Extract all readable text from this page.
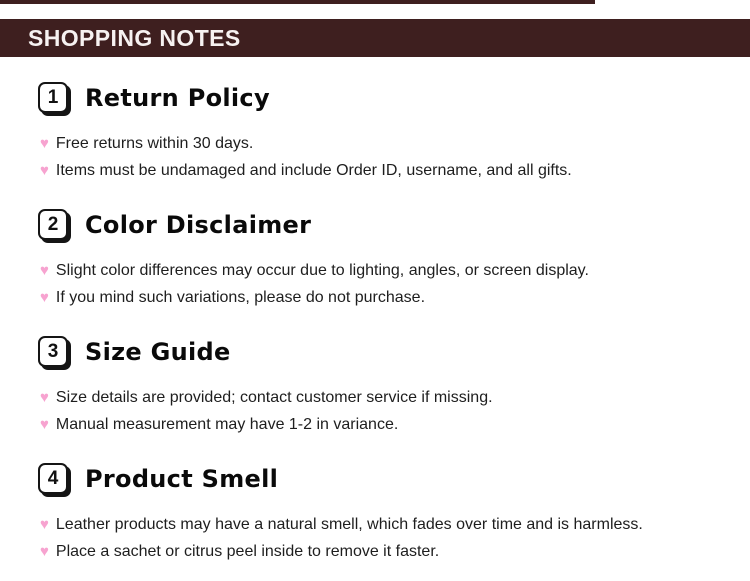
SHOPPING NOTES
1	Return Policy
♥ Free returns within 30 days.
♥ Items must be undamaged and include Order ID, username, and all gifts.
2	Color Disclaimer
♥ Slight color differences may occur due to lighting, angles, or screen display.
♥ If you mind such variations, please do not purchase.
3	Size Guide
♥ Size details are provided; contact customer service if missing.
♥ Manual measurement may have 1-2 in variance.
4	Product Smell
♥ Leather products may have a natural smell, which fades over time and is harmless.
♥ Place a sachet or citrus peel inside to remove it faster.
